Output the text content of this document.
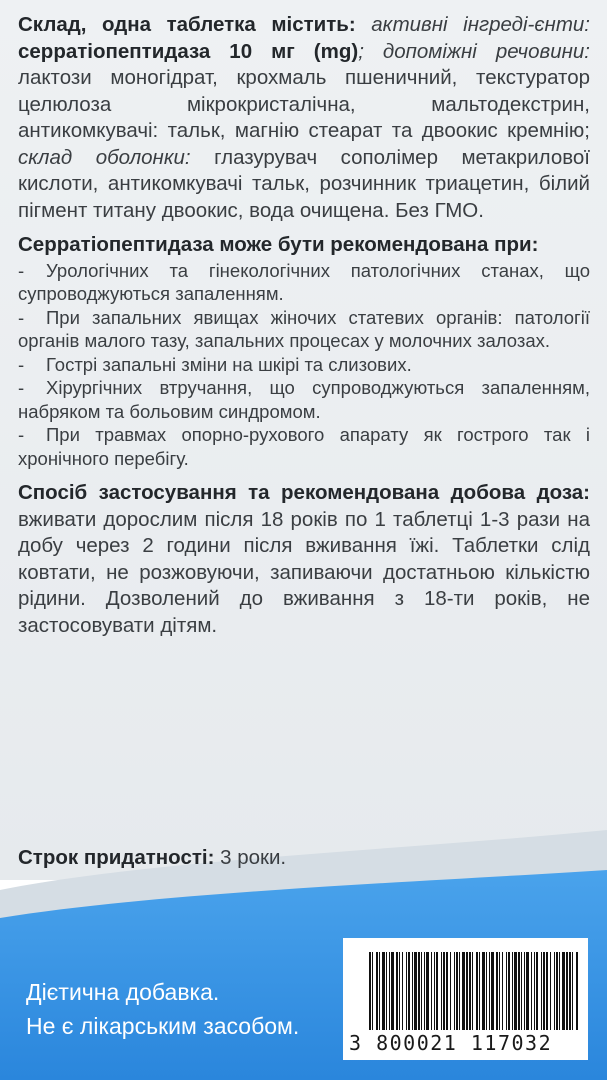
Склад, одна таблетка містить: активні інгреді-єнти: серратіопептидаза 10 мг (mg); допоміжні речовини: лактози моногідрат, крохмаль пшеничний, текстуратор целюлоза мікрокристалічна, мальтодекстрин, антикомкувачі: тальк, магнію стеарат та двоокис кремнію; склад оболонки: глазурувач сополімер метакрилової кислоти, антикомкувачі тальк, розчинник триацетин, білий пігмент титану двоокис, вода очищена. Без ГМО.

Серратіопептидаза може бути рекомендована при:

- Урологічних та гінекологічних патологічних станах, що супроводжуються запаленням.
- При запальних явищах жіночих статевих органів: патології органів малого тазу, запальних процесах у молочних залозах.
- Гострі запальні зміни на шкірі та слизових.
- Хірургічних втручання, що супроводжуються запаленням, набряком та больовим синдромом.
- При травмах опорно-рухового апарату як гострого так і хронічного перебігу.

Спосіб застосування та рекомендована добова доза: вживати дорослим після 18 років по 1 таблетці 1-3 рази на добу через 2 години після вживання їжі. Таблетки слід ковтати, не розжовуючи, запиваючи достатньою кількістю рідини. Дозволений до вживання з 18-ти років, не застосовувати дітям.

Строк придатності: 3 роки.
Дієтична добавка.
Не є лікарським засобом.
3 800021 117032
